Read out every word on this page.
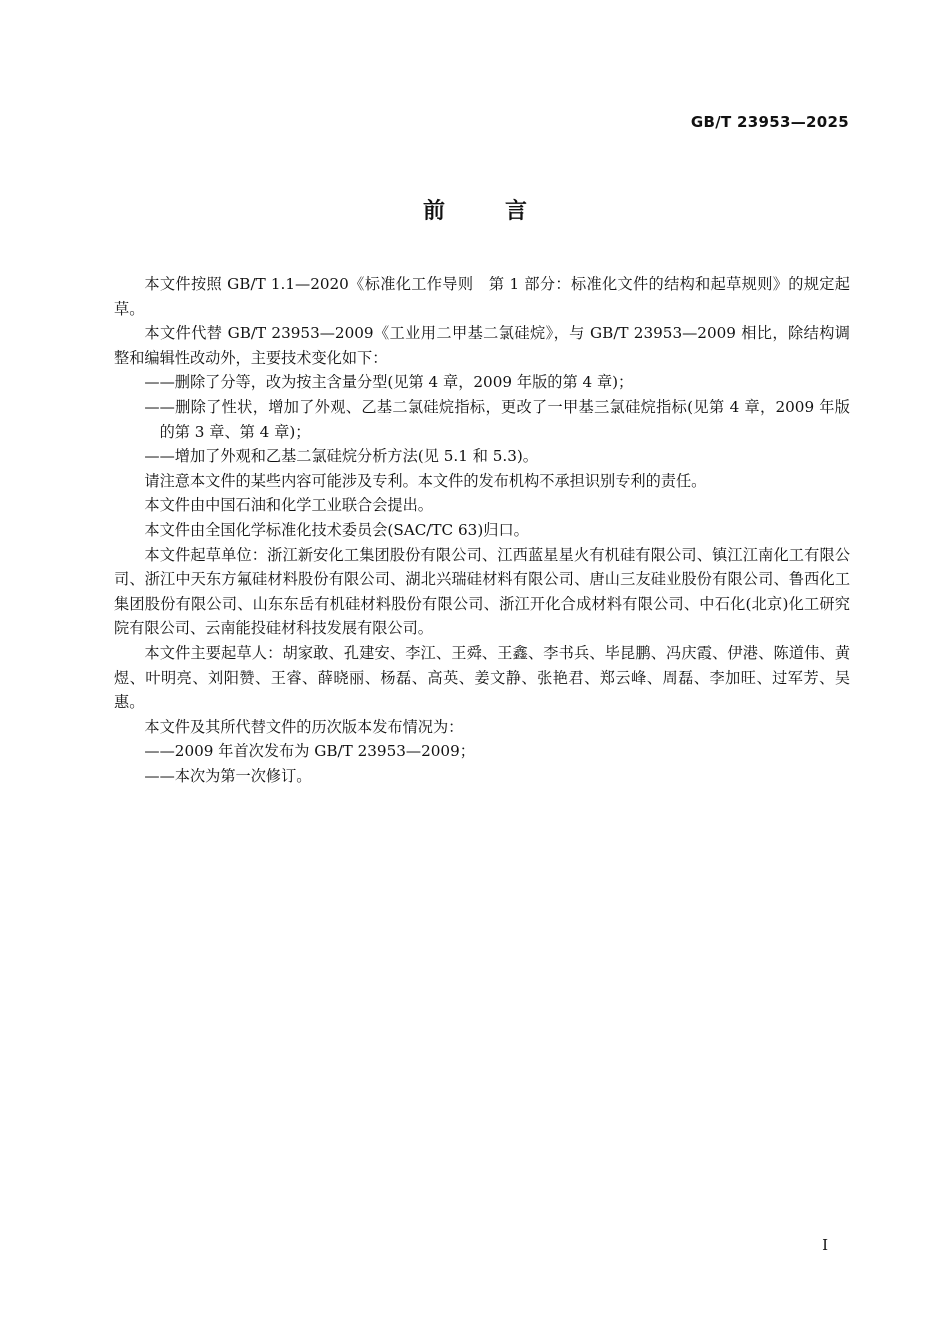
GB/T 23953—2025

前	言

本文件按照 GB/T 1.1—2020《标准化工作导则　第 1 部分：标准化文件的结构和起草规则》的规定起草。

本文件代替 GB/T 23953—2009《工业用二甲基二氯硅烷》，与 GB/T 23953—2009 相比，除结构调整和编辑性改动外，主要技术变化如下：

——删除了分等，改为按主含量分型(见第 4 章，2009 年版的第 4 章)；

——删除了性状，增加了外观、乙基二氯硅烷指标，更改了一甲基三氯硅烷指标(见第 4 章，2009 年版的第 3 章、第 4 章)；

——增加了外观和乙基二氯硅烷分析方法(见 5.1 和 5.3)。

请注意本文件的某些内容可能涉及专利。本文件的发布机构不承担识别专利的责任。

本文件由中国石油和化学工业联合会提出。

本文件由全国化学标准化技术委员会(SAC/TC 63)归口。

本文件起草单位：浙江新安化工集团股份有限公司、江西蓝星星火有机硅有限公司、镇江江南化工有限公司、浙江中天东方氟硅材料股份有限公司、湖北兴瑞硅材料有限公司、唐山三友硅业股份有限公司、鲁西化工集团股份有限公司、山东东岳有机硅材料股份有限公司、浙江开化合成材料有限公司、中石化(北京)化工研究院有限公司、云南能投硅材科技发展有限公司。

本文件主要起草人：胡家敢、孔建安、李江、王舜、王鑫、李书兵、毕昆鹏、冯庆霞、伊港、陈道伟、黄煜、叶明亮、刘阳赞、王睿、薛晓丽、杨磊、高英、姜文静、张艳君、郑云峰、周磊、李加旺、过军芳、吴惠。

本文件及其所代替文件的历次版本发布情况为：

——2009 年首次发布为 GB/T 23953—2009；

——本次为第一次修订。

I
